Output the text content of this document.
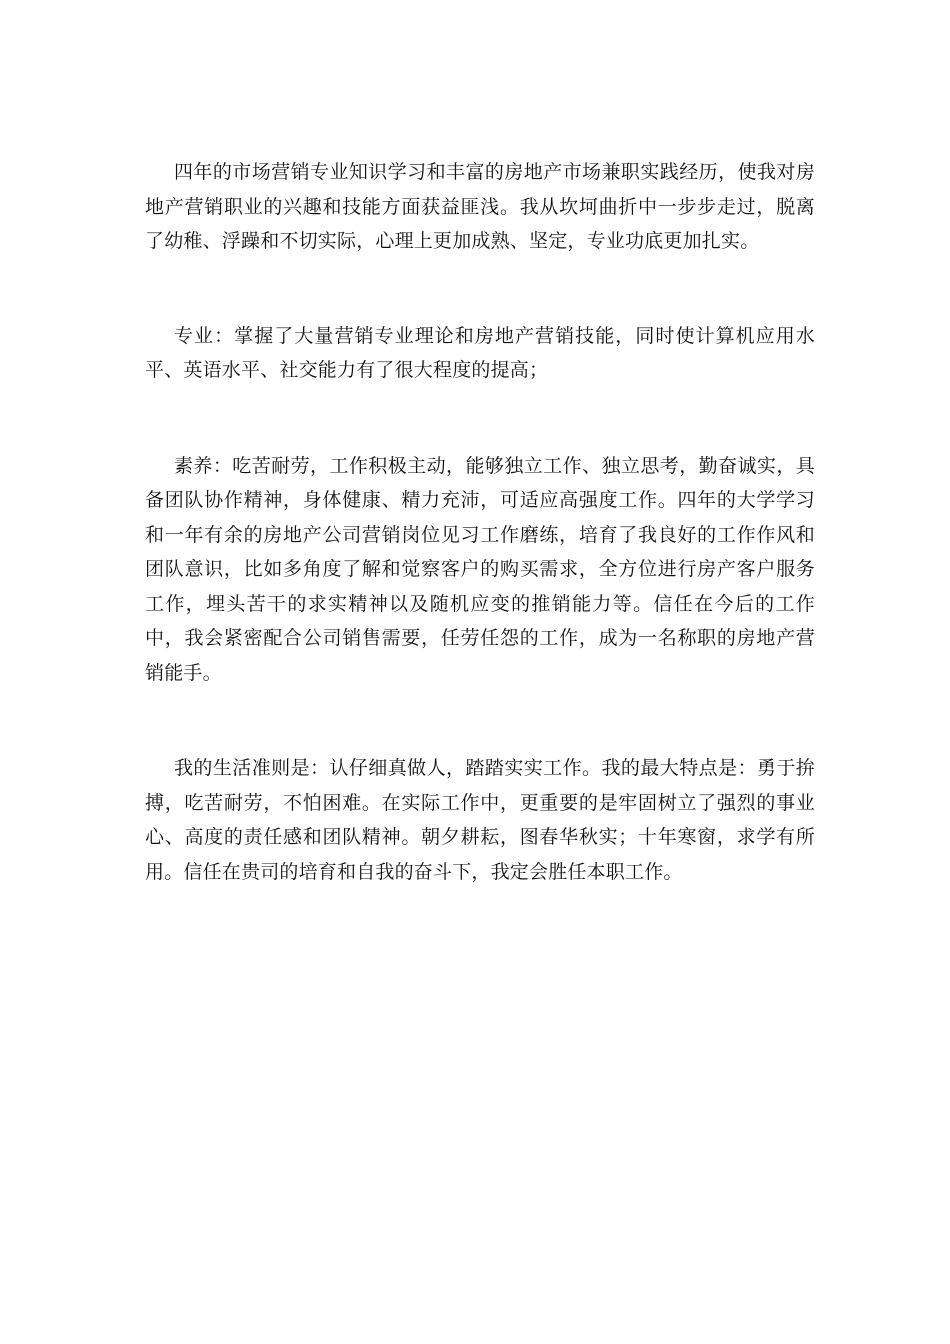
四年的市场营销专业知识学习和丰富的房地产市场兼职实践经历，使我对房地产营销职业的兴趣和技能方面获益匪浅。我从坎坷曲折中一步步走过，脱离了幼稚、浮躁和不切实际，心理上更加成熟、坚定，专业功底更加扎实。

专业：掌握了大量营销专业理论和房地产营销技能，同时使计算机应用水平、英语水平、社交能力有了很大程度的提高；

素养：吃苦耐劳，工作积极主动，能够独立工作、独立思考，勤奋诚实，具备团队协作精神，身体健康、精力充沛，可适应高强度工作。四年的大学学习和一年有余的房地产公司营销岗位见习工作磨练，培育了我良好的工作作风和团队意识，比如多角度了解和觉察客户的购买需求，全方位进行房产客户服务工作，埋头苦干的求实精神以及随机应变的推销能力等。信任在今后的工作中，我会紧密配合公司销售需要，任劳任怨的工作，成为一名称职的房地产营销能手。

我的生活准则是：认仔细真做人，踏踏实实工作。我的最大特点是：勇于拚搏，吃苦耐劳，不怕困难。在实际工作中，更重要的是牢固树立了强烈的事业心、高度的责任感和团队精神。朝夕耕耘，图春华秋实；十年寒窗，求学有所用。信任在贵司的培育和自我的奋斗下，我定会胜任本职工作。
